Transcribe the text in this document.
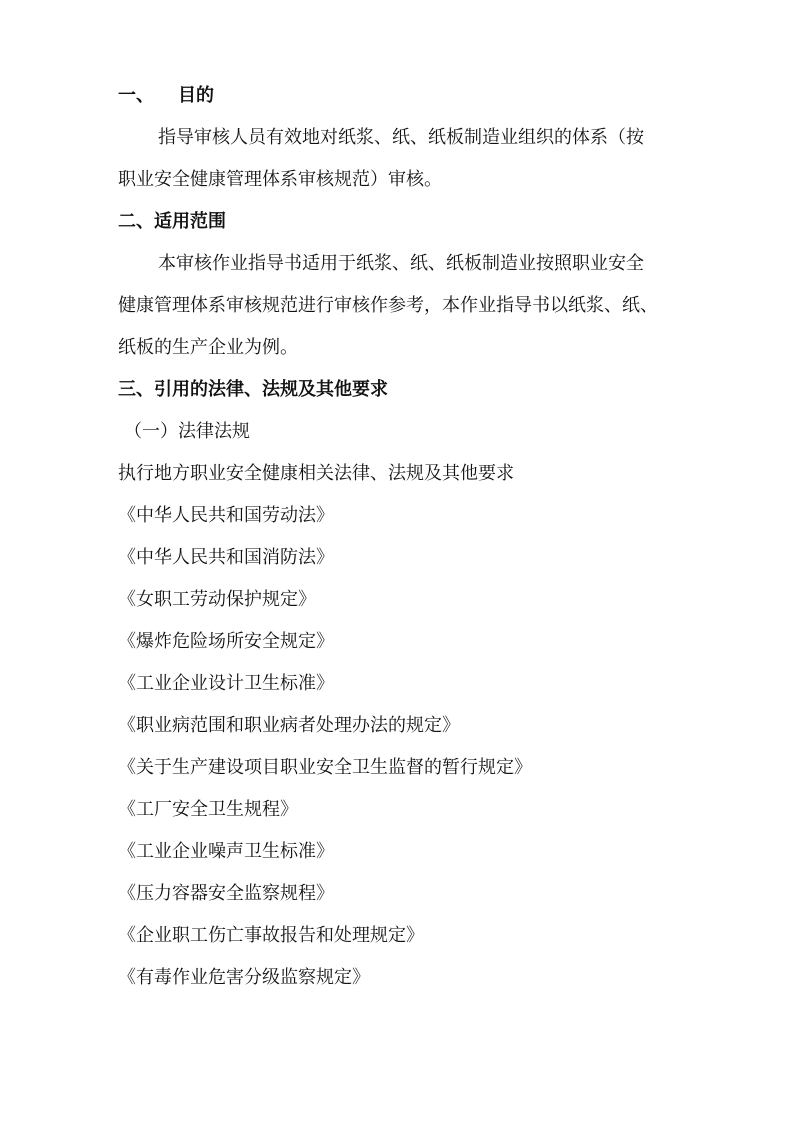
一、 目的
指导审核人员有效地对纸浆、纸、纸板制造业组织的体系（按
职业安全健康管理体系审核规范）审核。
二、适用范围
本审核作业指导书适用于纸浆、纸、纸板制造业按照职业安全
健康管理体系审核规范进行审核作参考，本作业指导书以纸浆、纸、
纸板的生产企业为例。
三、引用的法律、法规及其他要求
（一）法律法规
执行地方职业安全健康相关法律、法规及其他要求
《中华人民共和国劳动法》
《中华人民共和国消防法》
《女职工劳动保护规定》
《爆炸危险场所安全规定》
《工业企业设计卫生标准》
《职业病范围和职业病者处理办法的规定》
《关于生产建设项目职业安全卫生监督的暂行规定》
《工厂安全卫生规程》
《工业企业噪声卫生标准》
《压力容器安全监察规程》
《企业职工伤亡事故报告和处理规定》
《有毒作业危害分级监察规定》
